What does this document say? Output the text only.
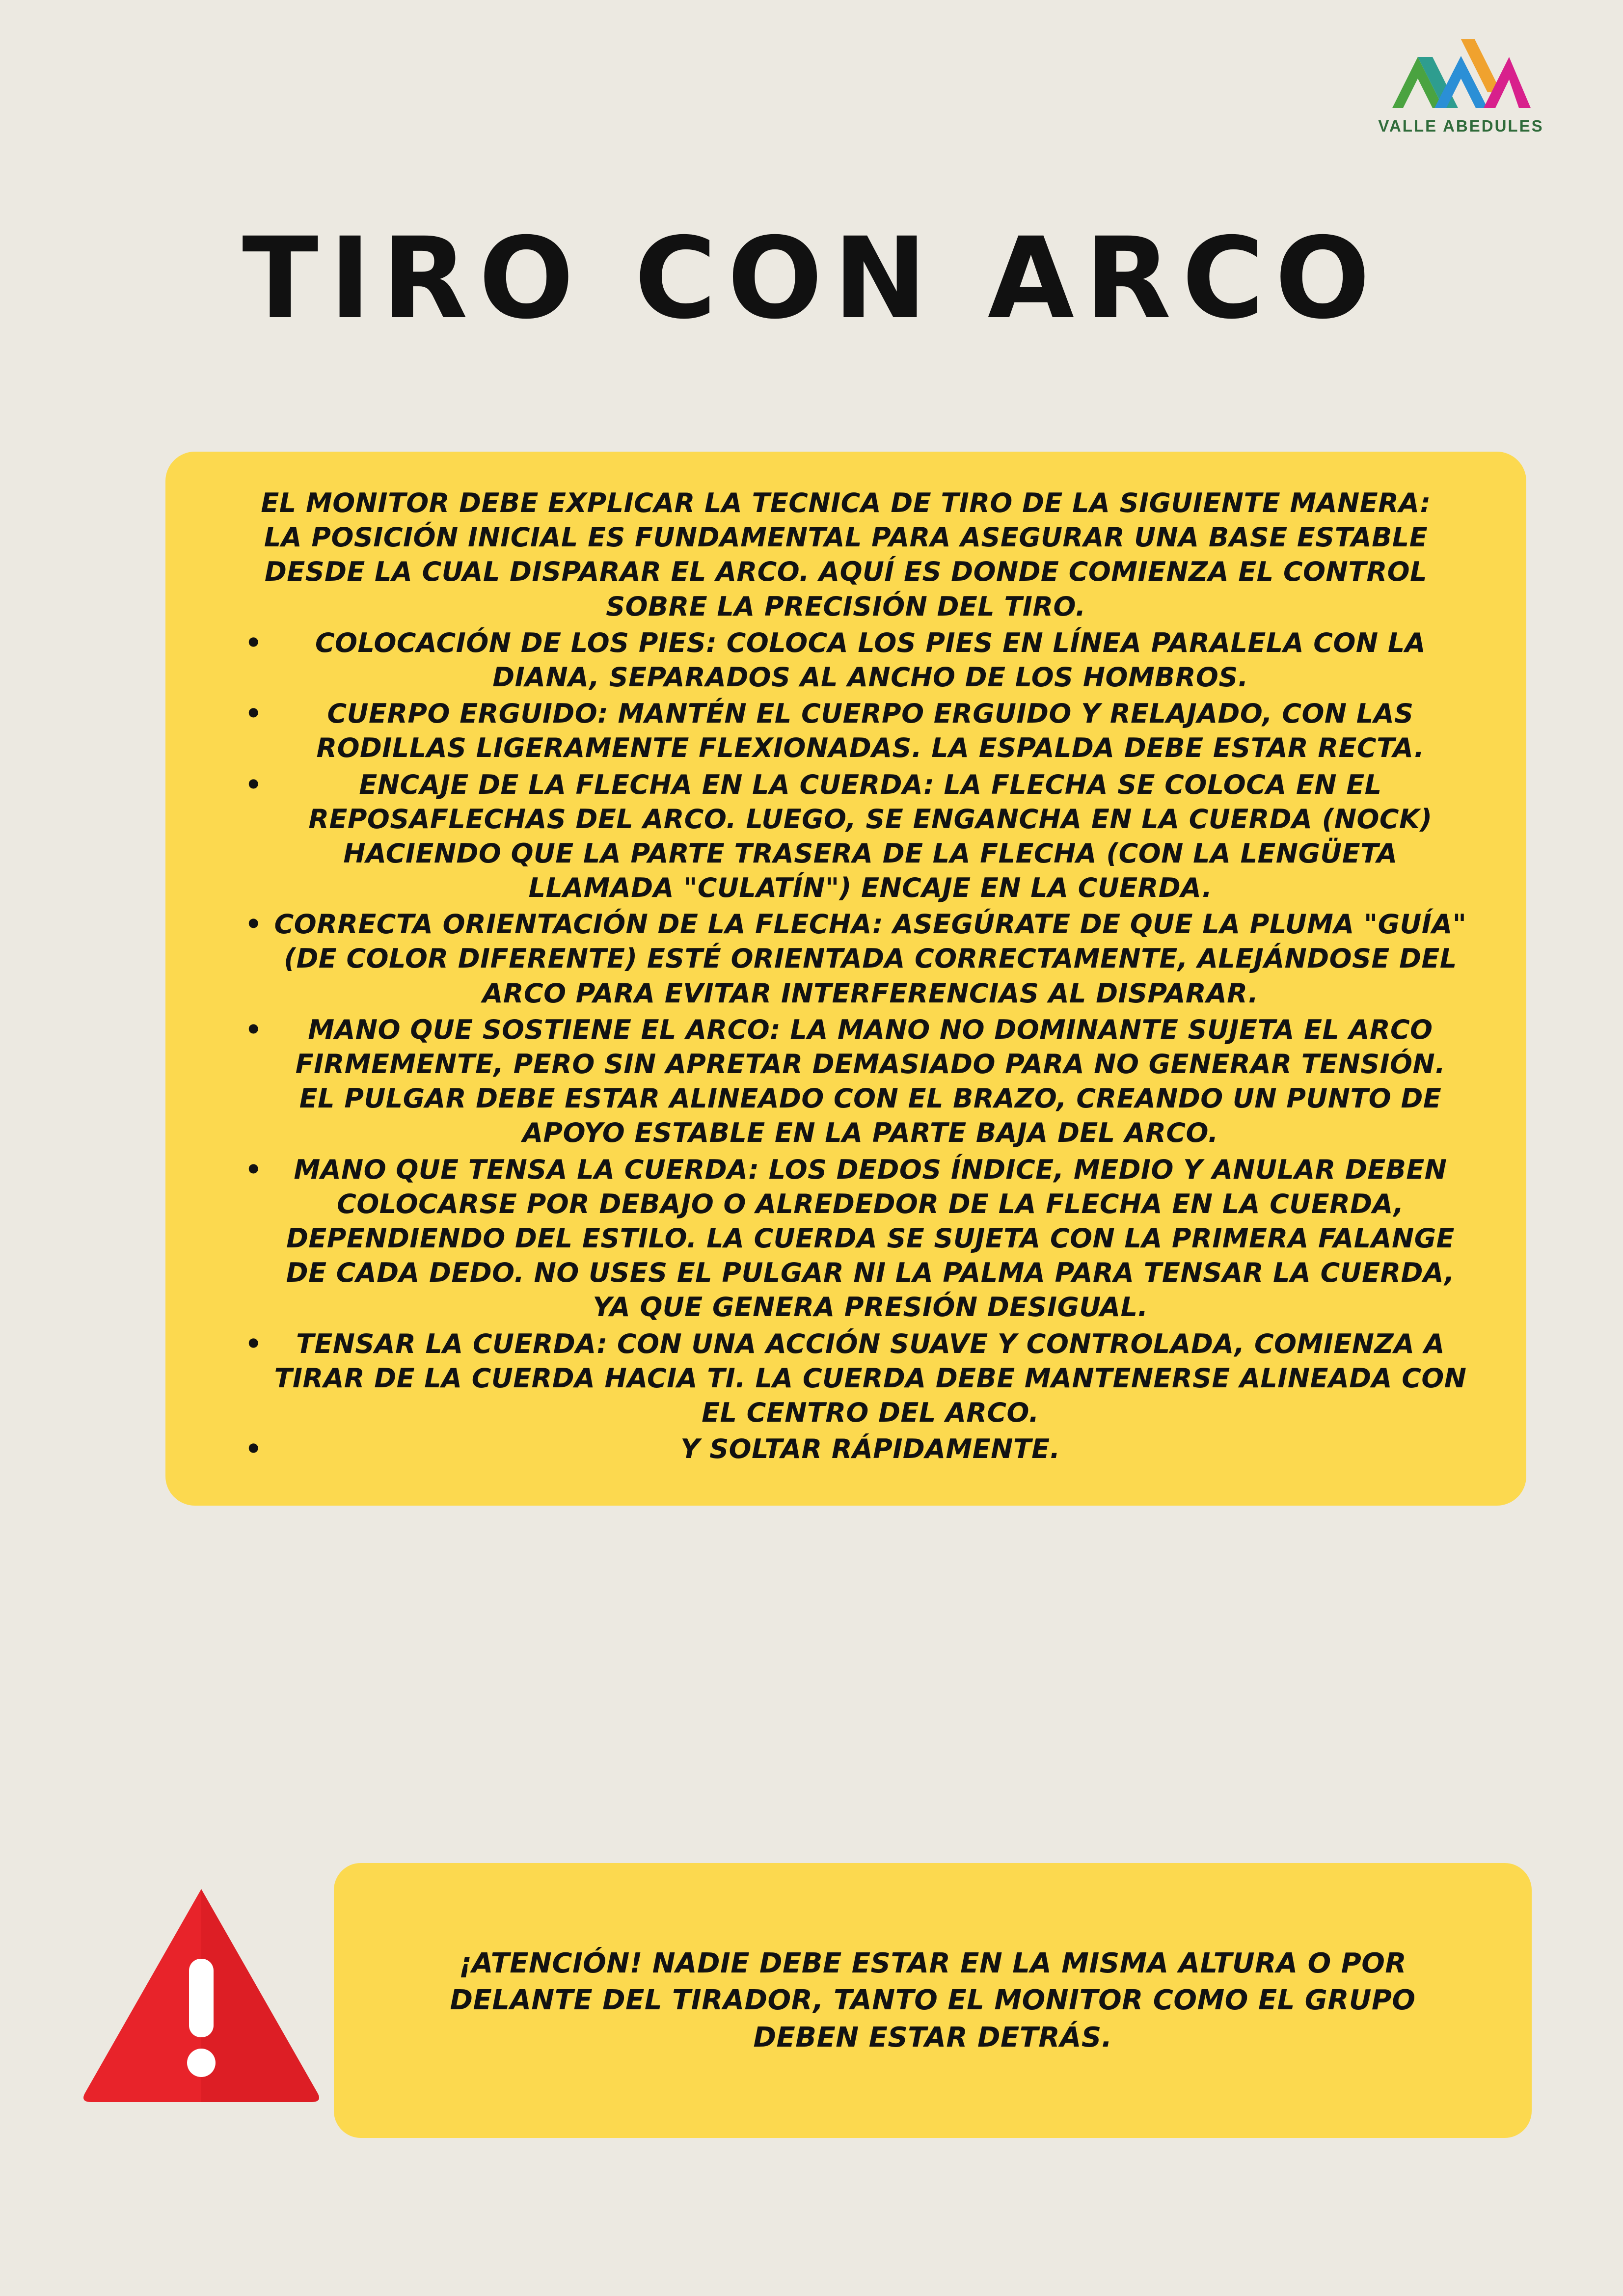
VALLE ABEDULES
TIRO CON ARCO

EL MONITOR DEBE EXPLICAR LA TECNICA DE TIRO DE LA SIGUIENTE MANERA:

LA POSICIÓN INICIAL ES FUNDAMENTAL PARA ASEGURAR UNA BASE ESTABLE DESDE LA CUAL DISPARAR EL ARCO. AQUÍ ES DONDE COMIENZA EL CONTROL SOBRE LA PRECISIÓN DEL TIRO.

• COLOCACIÓN DE LOS PIES: COLOCA LOS PIES EN LÍNEA PARALELA CON LA DIANA, SEPARADOS AL ANCHO DE LOS HOMBROS.
• CUERPO ERGUIDO: MANTÉN EL CUERPO ERGUIDO Y RELAJADO, CON LAS RODILLAS LIGERAMENTE FLEXIONADAS. LA ESPALDA DEBE ESTAR RECTA.
• ENCAJE DE LA FLECHA EN LA CUERDA: LA FLECHA SE COLOCA EN EL REPOSAFLECHAS DEL ARCO. LUEGO, SE ENGANCHA EN LA CUERDA (NOCK) HACIENDO QUE LA PARTE TRASERA DE LA FLECHA (CON LA LENGÜETA LLAMADA "CULATÍN") ENCAJE EN LA CUERDA.
• CORRECTA ORIENTACIÓN DE LA FLECHA: ASEGÚRATE DE QUE LA PLUMA "GUÍA" (DE COLOR DIFERENTE) ESTÉ ORIENTADA CORRECTAMENTE, ALEJÁNDOSE DEL ARCO PARA EVITAR INTERFERENCIAS AL DISPARAR.
• MANO QUE SOSTIENE EL ARCO: LA MANO NO DOMINANTE SUJETA EL ARCO FIRMEMENTE, PERO SIN APRETAR DEMASIADO PARA NO GENERAR TENSIÓN. EL PULGAR DEBE ESTAR ALINEADO CON EL BRAZO, CREANDO UN PUNTO DE APOYO ESTABLE EN LA PARTE BAJA DEL ARCO.
• MANO QUE TENSA LA CUERDA: LOS DEDOS ÍNDICE, MEDIO Y ANULAR DEBEN COLOCARSE POR DEBAJO O ALREDEDOR DE LA FLECHA EN LA CUERDA, DEPENDIENDO DEL ESTILO. LA CUERDA SE SUJETA CON LA PRIMERA FALANGE DE CADA DEDO. NO USES EL PULGAR NI LA PALMA PARA TENSAR LA CUERDA, YA QUE GENERA PRESIÓN DESIGUAL.
• TENSAR LA CUERDA: CON UNA ACCIÓN SUAVE Y CONTROLADA, COMIENZA A TIRAR DE LA CUERDA HACIA TI. LA CUERDA DEBE MANTENERSE ALINEADA CON EL CENTRO DEL ARCO.
• Y SOLTAR RÁPIDAMENTE.

¡ATENCIÓN! NADIE DEBE ESTAR EN LA MISMA ALTURA O POR DELANTE DEL TIRADOR, TANTO EL MONITOR COMO EL GRUPO DEBEN ESTAR DETRÁS.
